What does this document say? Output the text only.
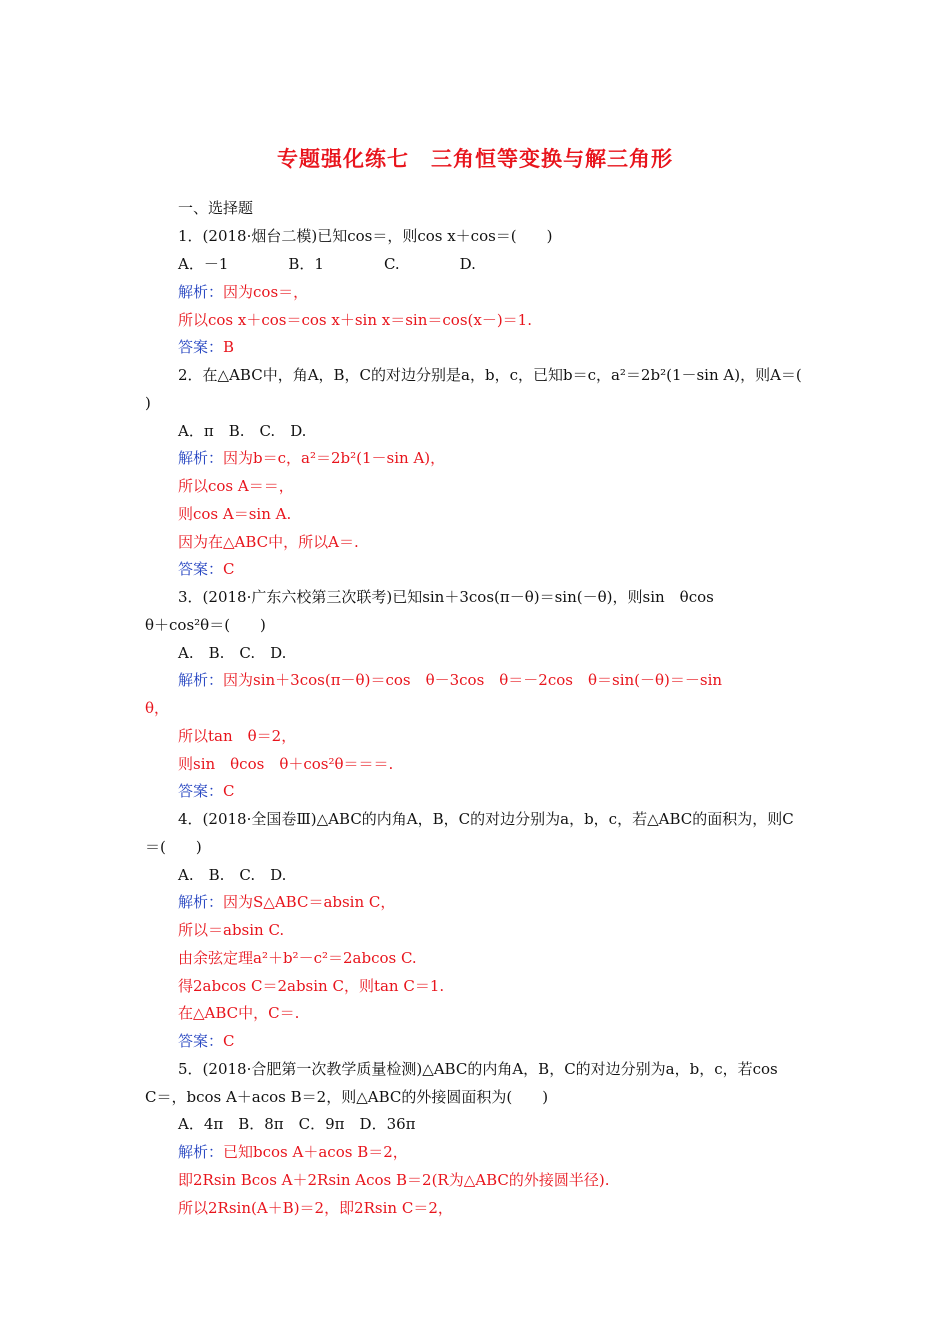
专题强化练七　三角恒等变换与解三角形
一、选择题
1．(2018·烟台二模)已知cos＝，则cos x＋cos＝(　　)
A．－1　　　　B．1　　　　C.　　　　D.
解析：因为cos＝，
所以cos x＋cos＝cos x＋sin x＝sin＝cos(x－)＝1.
答案：B
2．在△ABC中，角A，B，C的对边分别是a，b，c，已知b＝c，a²＝2b²(1－sin A)，则A＝(
)
A．π　B.　C.　D.
解析：因为b＝c，a²＝2b²(1－sin A)，
所以cos A＝＝，
则cos A＝sin A.
因为在△ABC中，所以A＝.
答案：C
3．(2018·广东六校第三次联考)已知sin＋3cos(π－θ)＝sin(－θ)，则sin　θcos
θ＋cos²θ＝(　　)
A.　B.　C.　D.
解析：因为sin＋3cos(π－θ)＝cos　θ－3cos　θ＝－2cos　θ＝sin(－θ)＝－sin
θ，
所以tan　θ＝2，
则sin　θcos　θ＋cos²θ＝＝＝.
答案：C
4．(2018·全国卷Ⅲ)△ABC的内角A，B，C的对边分别为a，b，c，若△ABC的面积为，则C
＝(　　)
A.　B.　C.　D.
解析：因为S△ABC＝absin C，
所以＝absin C.
由余弦定理a²＋b²－c²＝2abcos C.
得2abcos C＝2absin C，则tan C＝1.
在△ABC中，C＝.
答案：C
5．(2018·合肥第一次教学质量检测)△ABC的内角A，B，C的对边分别为a，b，c，若cos
C＝，bcos A＋acos B＝2，则△ABC的外接圆面积为(　　)
A．4π　B．8π　C．9π　D．36π
解析：已知bcos A＋acos B＝2，
即2Rsin Bcos A＋2Rsin Acos B＝2(R为△ABC的外接圆半径).
所以2Rsin(A＋B)＝2，即2Rsin C＝2，
